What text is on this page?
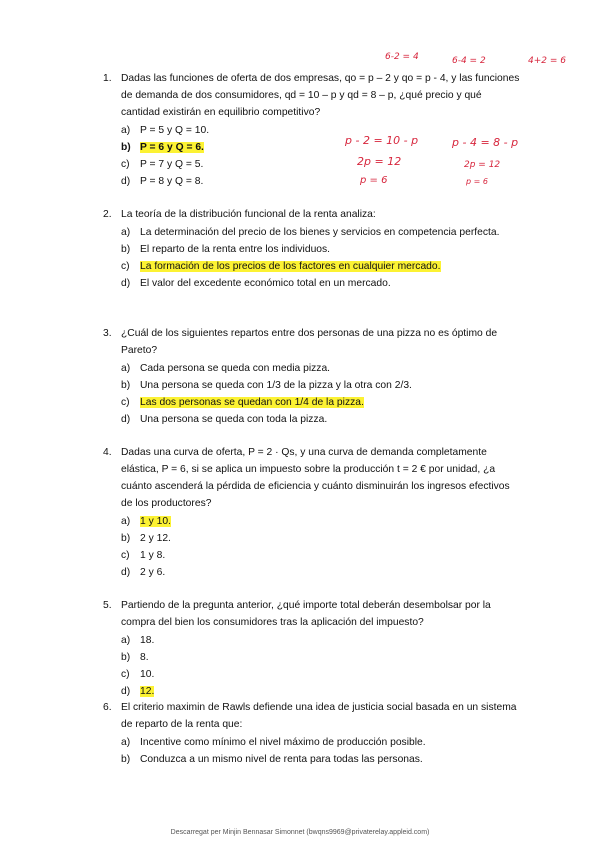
6-2 = 4	6-4 = 2	4+2 = 6
p - 2 = 10 - p
2p = 12
p = 6
p - 4 = 8 - p
2p = 12
p = 6
1. Dadas las funciones de oferta de dos empresas, qo = p – 2 y qo = p - 4, y las funciones de demanda de dos consumidores, qd = 10 – p y qd = 8 – p, ¿qué precio y qué cantidad existirán en equilibrio competitivo?
a) P = 5 y Q = 10.
b) P = 6 y Q = 6.
c) P = 7 y Q = 5.
d) P = 8 y Q = 8.
2. La teoría de la distribución funcional de la renta analiza:
a) La determinación del precio de los bienes y servicios en competencia perfecta.
b) El reparto de la renta entre los individuos.
c) La formación de los precios de los factores en cualquier mercado.
d) El valor del excedente económico total en un mercado.
3. ¿Cuál de los siguientes repartos entre dos personas de una pizza no es óptimo de Pareto?
a) Cada persona se queda con media pizza.
b) Una persona se queda con 1/3 de la pizza y la otra con 2/3.
c) Las dos personas se quedan con 1/4 de la pizza.
d) Una persona se queda con toda la pizza.
4. Dadas una curva de oferta, P = 2 · Qs, y una curva de demanda completamente elástica, P = 6, si se aplica un impuesto sobre la producción t = 2 € por unidad, ¿a cuánto ascenderá la pérdida de eficiencia y cuánto disminuirán los ingresos efectivos de los productores?
a) 1 y 10.
b) 2 y 12.
c) 1 y 8.
d) 2 y 6.
5. Partiendo de la pregunta anterior, ¿qué importe total deberán desembolsar por la compra del bien los consumidores tras la aplicación del impuesto?
a) 18.
b) 8.
c) 10.
d) 12.
6. El criterio maximin de Rawls defiende una idea de justicia social basada en un sistema de reparto de la renta que:
a) Incentive como mínimo el nivel máximo de producción posible.
b) Conduzca a un mismo nivel de renta para todas las personas.
Descarregat per Minjin Bennasar Simonnet (bwqns9969@privaterelay.appleid.com)
